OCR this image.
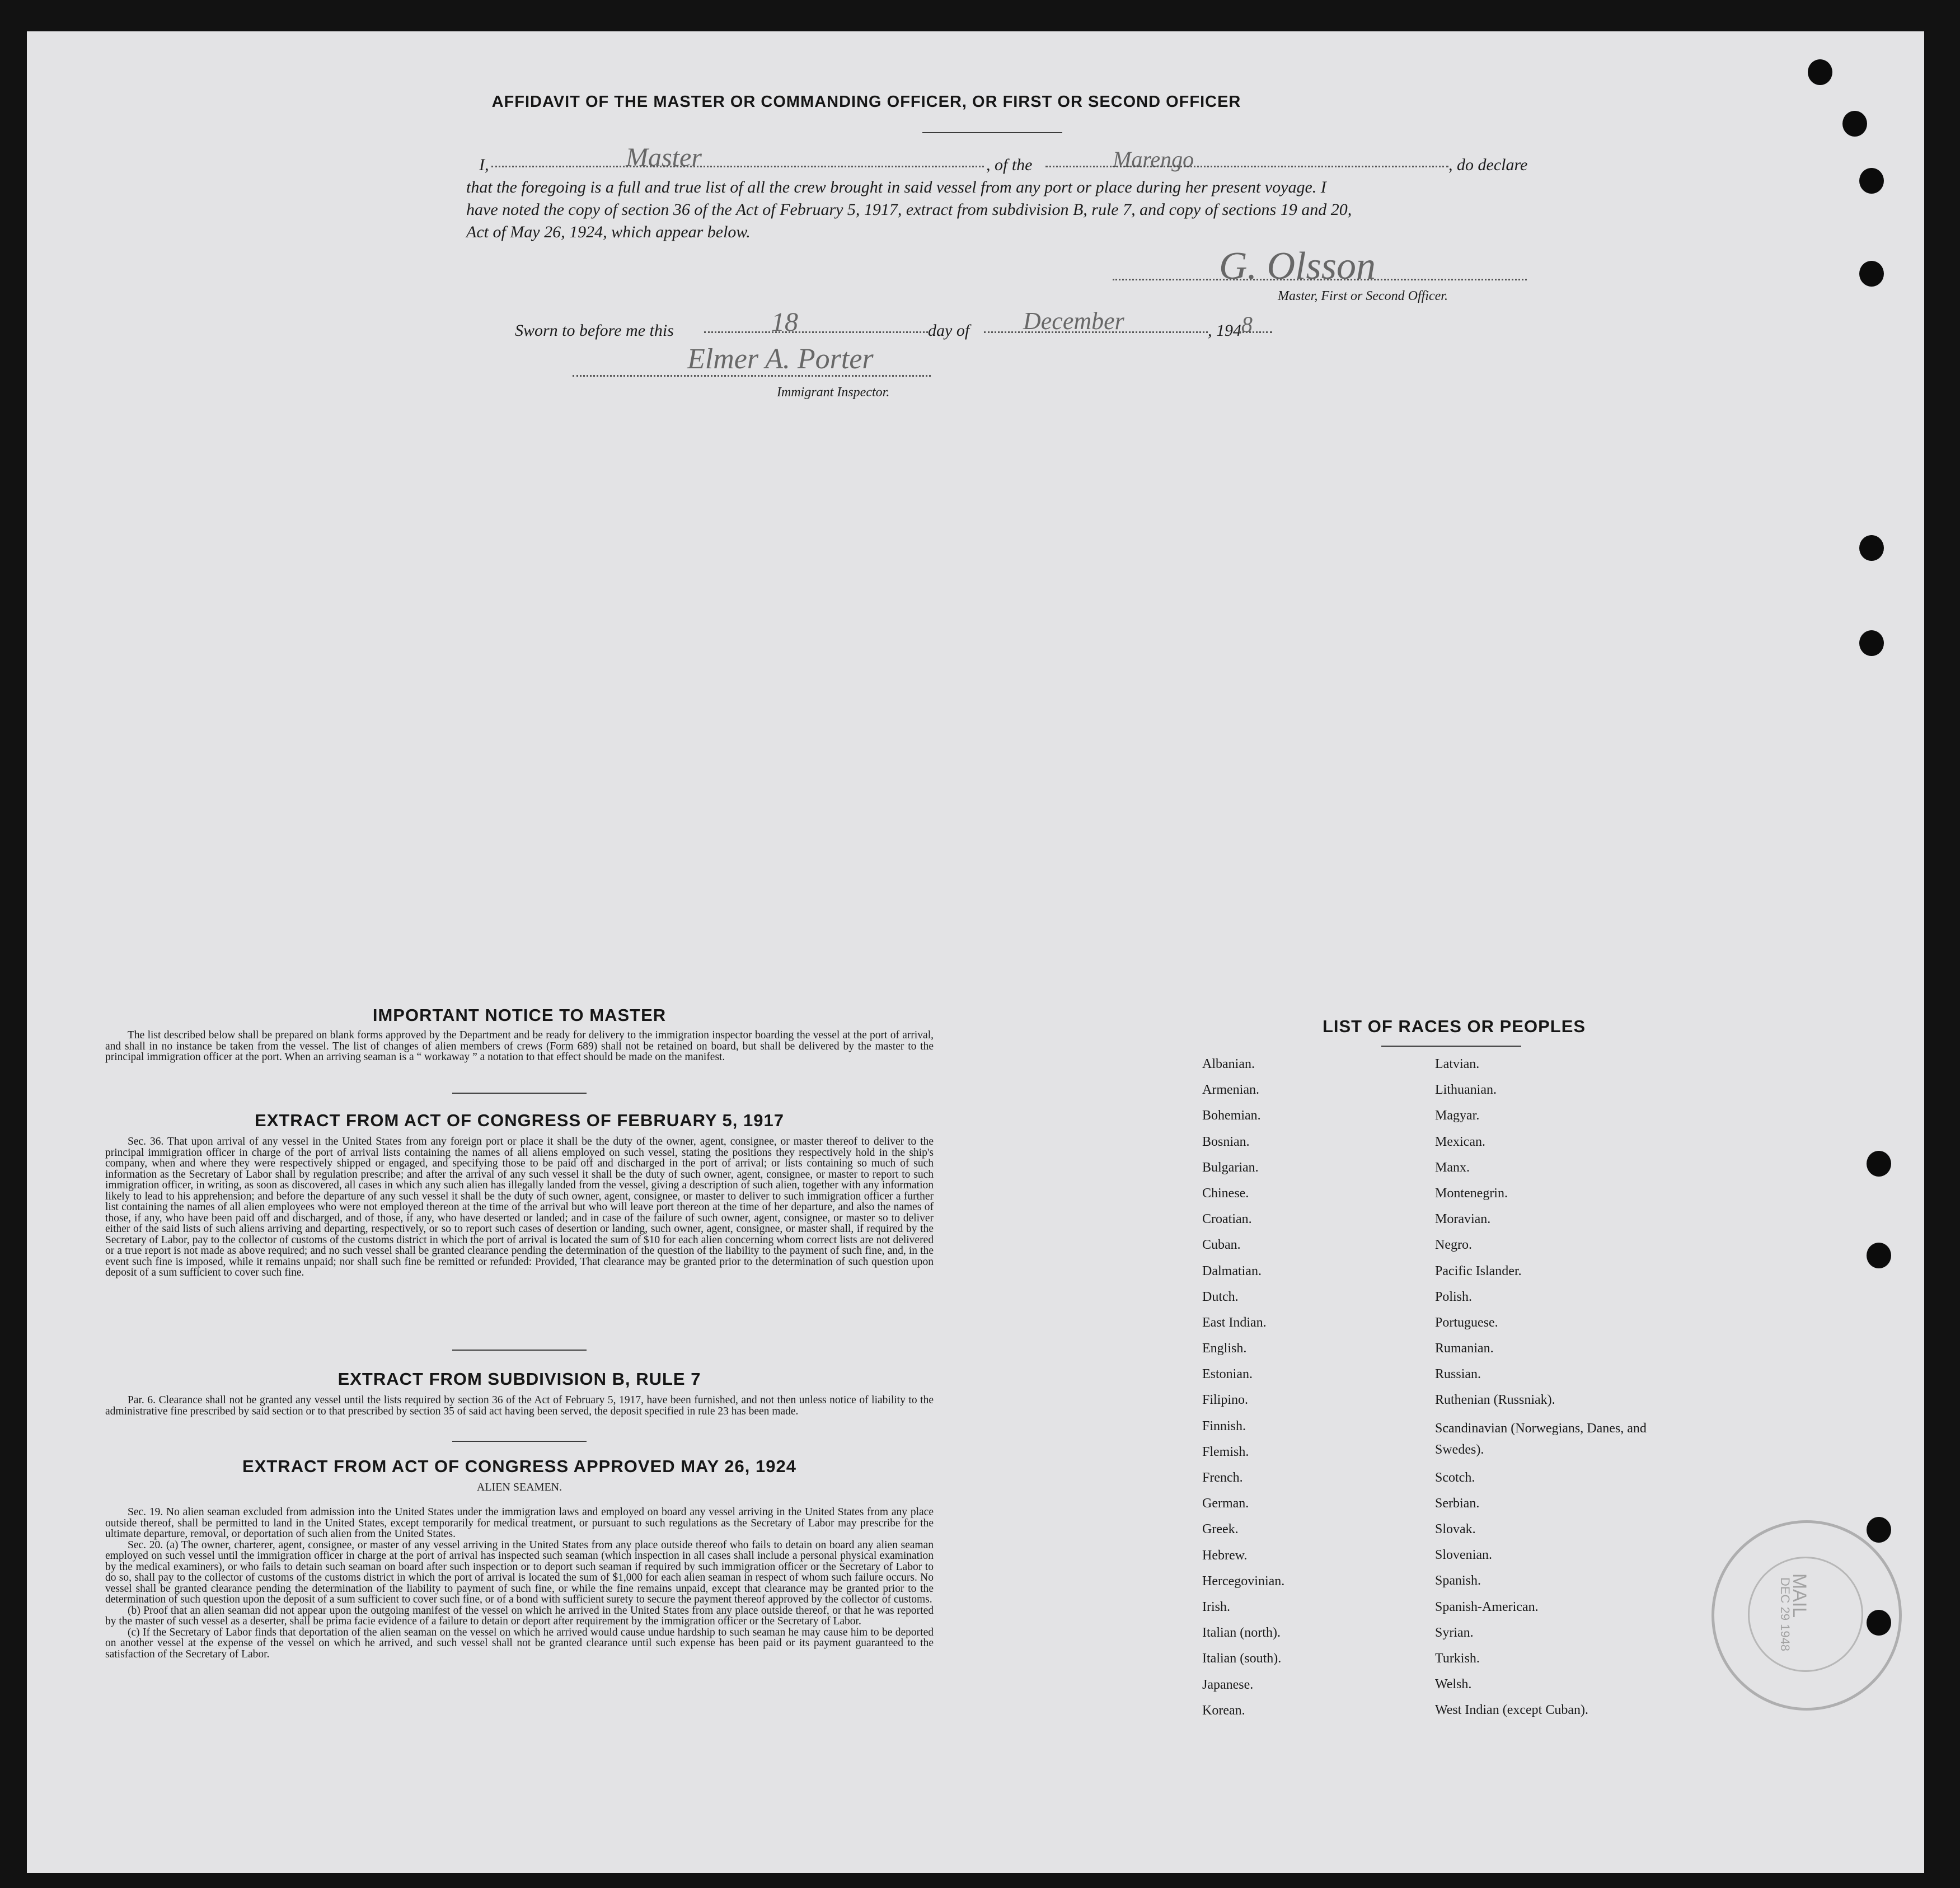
AFFIDAVIT OF THE MASTER OR COMMANDING OFFICER, OR FIRST OR SECOND OFFICER
I,	Master	, of the	Marengo	, do declare
that the foregoing is a full and true list of all the crew brought in said vessel from any port or place during her present voyage. I
have noted the copy of section 36 of the Act of February 5, 1917, extract from subdivision B, rule 7, and copy of sections 19 and 20,
Act of May 26, 1924, which appear below.
G. Olsson
Master, First or Second Officer.
Sworn to before me this	18	day of December	, 194 8
Elmer A. Porter
Immigrant Inspector.
IMPORTANT NOTICE TO MASTER

The list described below shall be prepared on blank forms approved by the Department and be ready for delivery to the immigration inspector boarding the vessel at the port of arrival, and shall in no instance be taken from the vessel. The list of changes of alien members of crews (Form 689) shall not be retained on board, but shall be delivered by the master to the principal immigration officer at the port. When an arriving seaman is a “ workaway ” a notation to that effect should be made on the manifest.

EXTRACT FROM ACT OF CONGRESS OF FEBRUARY 5, 1917

Sec. 36. That upon arrival of any vessel in the United States from any foreign port or place it shall be the duty of the owner, agent, consignee, or master thereof to deliver to the principal immigration officer in charge of the port of arrival lists containing the names of all aliens employed on such vessel, stating the positions they respectively hold in the ship's company, when and where they were respectively shipped or engaged, and specifying those to be paid off and discharged in the port of arrival; or lists containing so much of such information as the Secretary of Labor shall by regulation prescribe; and after the arrival of any such vessel it shall be the duty of such owner, agent, consignee, or master to report to such immigration officer, in writing, as soon as discovered, all cases in which any such alien has illegally landed from the vessel, giving a description of such alien, together with any information likely to lead to his apprehension; and before the departure of any such vessel it shall be the duty of such owner, agent, consignee, or master to deliver to such immigration officer a further list containing the names of all alien employees who were not employed thereon at the time of the arrival but who will leave port thereon at the time of her departure, and also the names of those, if any, who have been paid off and discharged, and of those, if any, who have deserted or landed; and in case of the failure of such owner, agent, consignee, or master so to deliver either of the said lists of such aliens arriving and departing, respectively, or so to report such cases of desertion or landing, such owner, agent, consignee, or master shall, if required by the Secretary of Labor, pay to the collector of customs of the customs district in which the port of arrival is located the sum of $10 for each alien concerning whom correct lists are not delivered or a true report is not made as above required; and no such vessel shall be granted clearance pending the determination of the question of the liability to the payment of such fine, and, in the event such fine is imposed, while it remains unpaid; nor shall such fine be remitted or refunded: Provided, That clearance may be granted prior to the determination of such question upon deposit of a sum sufficient to cover such fine.

EXTRACT FROM SUBDIVISION B, RULE 7

Par. 6. Clearance shall not be granted any vessel until the lists required by section 36 of the Act of February 5, 1917, have been furnished, and not then unless notice of liability to the administrative fine prescribed by said section or to that prescribed by section 35 of said act having been served, the deposit specified in rule 23 has been made.

EXTRACT FROM ACT OF CONGRESS APPROVED MAY 26, 1924
ALIEN SEAMEN.

Sec. 19. No alien seaman excluded from admission into the United States under the immigration laws and employed on board any vessel arriving in the United States from any place outside thereof, shall be permitted to land in the United States, except temporarily for medical treatment, or pursuant to such regulations as the Secretary of Labor may prescribe for the ultimate departure, removal, or deportation of such alien from the United States.

Sec. 20. (a) The owner, charterer, agent, consignee, or master of any vessel arriving in the United States from any place outside thereof who fails to detain on board any alien seaman employed on such vessel until the immigration officer in charge at the port of arrival has inspected such seaman (which inspection in all cases shall include a personal physical examination by the medical examiners), or who fails to detain such seaman on board after such inspection or to deport such seaman if required by such immigration officer or the Secretary of Labor to do so, shall pay to the collector of customs of the customs district in which the port of arrival is located the sum of $1,000 for each alien seaman in respect of whom such failure occurs. No vessel shall be granted clearance pending the determination of the liability to payment of such fine, or while the fine remains unpaid, except that clearance may be granted prior to the determination of such question upon the deposit of a sum sufficient to cover such fine, or of a bond with sufficient surety to secure the payment thereof approved by the collector of customs.

(b) Proof that an alien seaman did not appear upon the outgoing manifest of the vessel on which he arrived in the United States from any place outside thereof, or that he was reported by the master of such vessel as a deserter, shall be prima facie evidence of a failure to detain or deport after requirement by the immigration officer or the Secretary of Labor.

(c) If the Secretary of Labor finds that deportation of the alien seaman on the vessel on which he arrived would cause undue hardship to such seaman he may cause him to be deported on another vessel at the expense of the vessel on which he arrived, and such vessel shall not be granted clearance until such expense has been paid or its payment guaranteed to the satisfaction of the Secretary of Labor.

LIST OF RACES OR PEOPLES
Albanian.
Armenian.
Bohemian.
Bosnian.
Bulgarian.
Chinese.
Croatian.
Cuban.
Dalmatian.
Dutch.
East Indian.
English.
Estonian.
Filipino.
Finnish.
Flemish.
French.
German.
Greek.
Hebrew.
Hercegovinian.
Irish.
Italian (north).
Italian (south).
Japanese.
Korean.
Latvian.
Lithuanian.
Magyar.
Mexican.
Manx.
Montenegrin.
Moravian.
Negro.
Pacific Islander.
Polish.
Portuguese.
Rumanian.
Russian.
Ruthenian (Russniak).
Scandinavian (Norwegians, Danes, and Swedes).
Scotch.
Serbian.
Slovak.
Slovenian.
Spanish.
Spanish-American.
Syrian.
Turkish.
Welsh.
West Indian (except Cuban).
MAIL
DEC 29 1948
